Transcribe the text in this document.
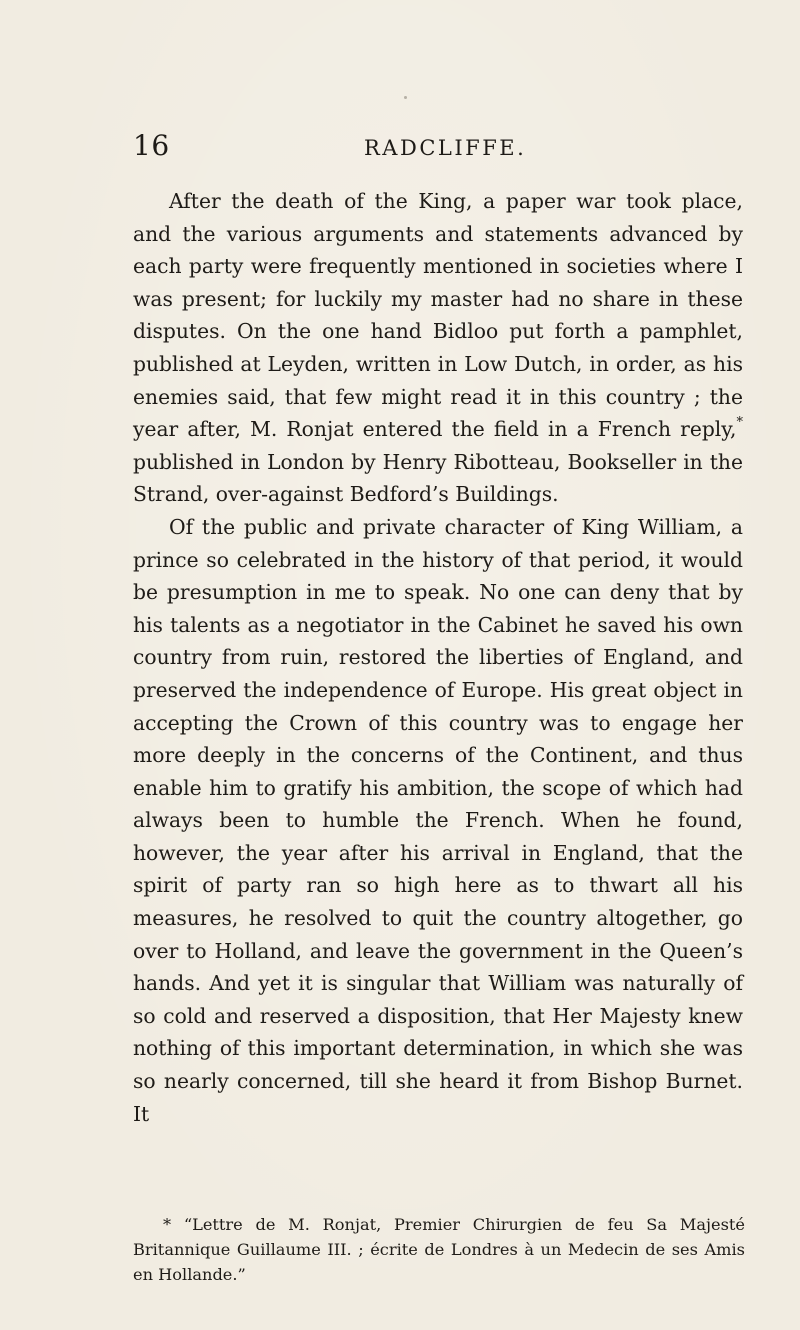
16	RADCLIFFE.

After the death of the King, a paper war took place, and the various arguments and statements advanced by each party were frequently mentioned in societies where I was present; for luckily my master had no share in these disputes. On the one hand Bidloo put forth a pamphlet, published at Leyden, written in Low Dutch, in order, as his enemies said, that few might read it in this country ; the year after, M. Ronjat entered the field in a French reply,* published in London by Henry Ribotteau, Bookseller in the Strand, over-against Bedford’s Buildings.

Of the public and private character of King William, a prince so celebrated in the history of that period, it would be presumption in me to speak. No one can deny that by his talents as a negotiator in the Cabinet he saved his own country from ruin, restored the liberties of England, and preserved the independence of Europe. His great object in accepting the Crown of this country was to engage her more deeply in the concerns of the Continent, and thus enable him to gratify his ambition, the scope of which had always been to humble the French. When he found, however, the year after his arrival in England, that the spirit of party ran so high here as to thwart all his measures, he resolved to quit the country altogether, go over to Holland, and leave the government in the Queen’s hands. And yet it is singular that William was naturally of so cold and reserved a disposition, that Her Majesty knew nothing of this important determination, in which she was so nearly concerned, till she heard it from Bishop Burnet. It

* “Lettre de M. Ronjat, Premier Chirurgien de feu Sa Majesté Britannique Guillaume III. ; écrite de Londres à un Medecin de ses Amis en Hollande.”
